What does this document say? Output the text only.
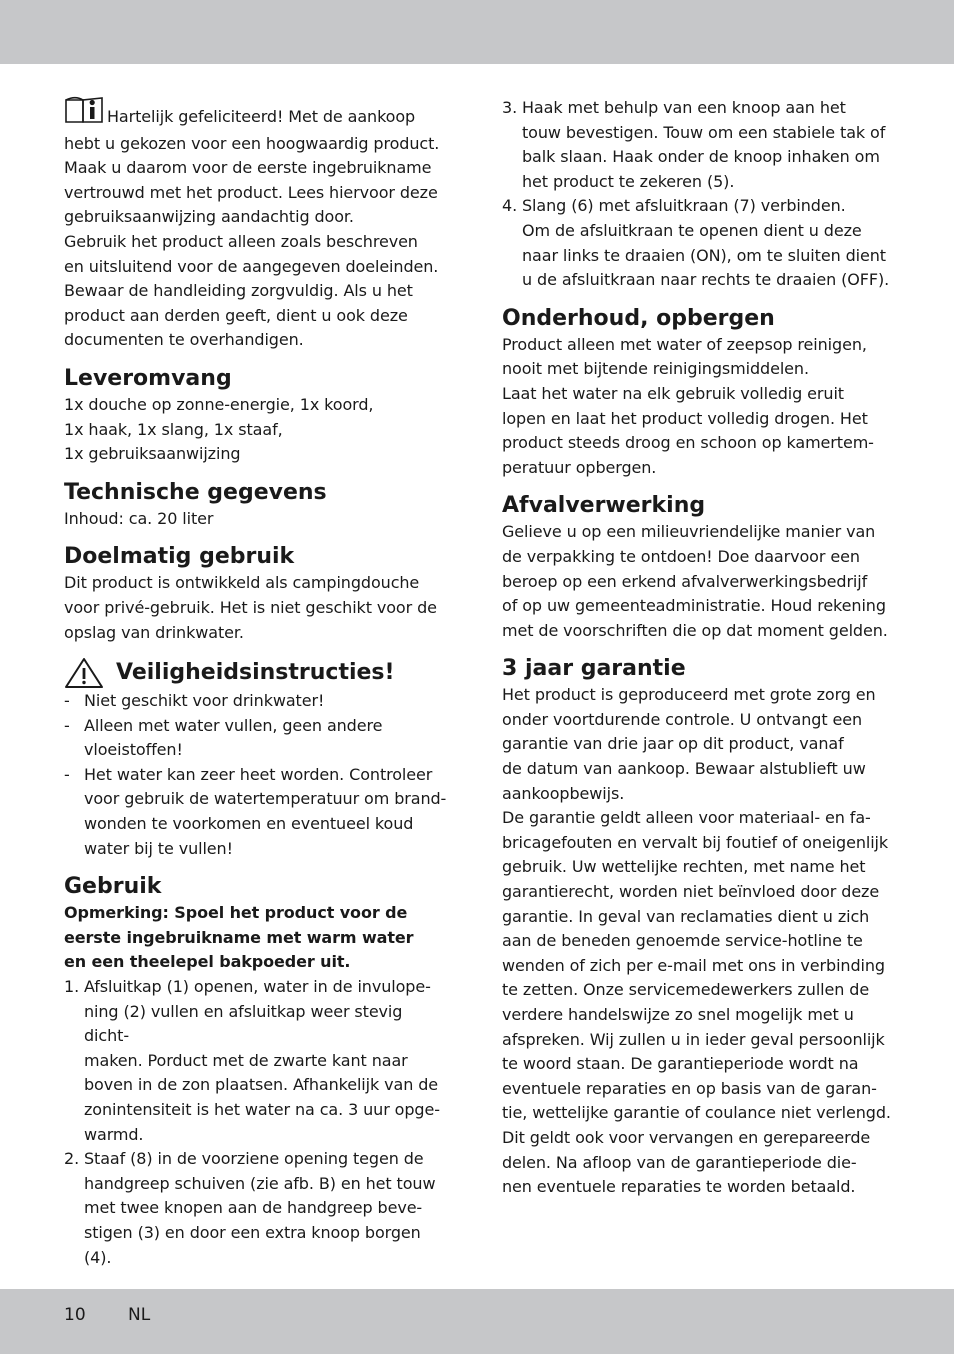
Hartelijk gefeliciteerd! Met de aankoop
hebt u gekozen voor een hoogwaardig product.
Maak u daarom voor de eerste ingebruikname
vertrouwd met het product. Lees hiervoor deze
gebruiksaanwijzing aandachtig door.
Gebruik het product alleen zoals beschreven
en uitsluitend voor de aangegeven doeleinden.
Bewaar de handleiding zorgvuldig. Als u het
product aan derden geeft, dient u ook deze
documenten te overhandigen.

Leveromvang

1x douche op zonne-energie, 1x koord,
1x haak, 1x slang, 1x staaf,
1x gebruiksaanwijzing

Technische gegevens

Inhoud: ca. 20 liter

Doelmatig gebruik

Dit product is ontwikkeld als campingdouche
voor privé-gebruik. Het is niet geschikt voor de
opslag van drinkwater.

Veiligheidsinstructies!
- Niet geschikt voor drinkwater!
- Alleen met water vullen, geen andere
vloeistoffen!
- Het water kan zeer heet worden. Controleer
voor gebruik de watertemperatuur om brand-
wonden te voorkomen en eventueel koud
water bij te vullen!
Gebruik

Opmerking: Spoel het product voor de
eerste ingebruikname met warm water
en een theelepel bakpoeder uit.

1. Afsluitkap (1) openen, water in de invulope-
ning (2) vullen en afsluitkap weer stevig dicht-
maken. Porduct met de zwarte kant naar
boven in de zon plaatsen. Afhankelijk van de
zonintensiteit is het water na ca. 3 uur opge-
warmd.
2. Staaf (8) in de voorziene opening tegen de
handgreep schuiven (zie afb. B) en het touw
met twee knopen aan de handgreep beve-
stigen (3) en door een extra knoop borgen
(4).
3. Haak met behulp van een knoop aan het
touw bevestigen. Touw om een stabiele tak of
balk slaan. Haak onder de knoop inhaken om
het product te zekeren (5).
4. Slang (6) met afsluitkraan (7) verbinden.
Om de afsluitkraan te openen dient u deze
naar links te draaien (ON), om te sluiten dient
u de afsluitkraan naar rechts te draaien (OFF).
Onderhoud, opbergen

Product alleen met water of zeepsop reinigen,
nooit met bijtende reinigingsmiddelen.
Laat het water na elk gebruik volledig eruit
lopen en laat het product volledig drogen. Het
product steeds droog en schoon op kamertem-
peratuur opbergen.

Afvalverwerking

Gelieve u op een milieuvriendelijke manier van
de verpakking te ontdoen! Doe daarvoor een
beroep op een erkend afvalverwerkingsbedrijf
of op uw gemeenteadministratie. Houd rekening
met de voorschriften die op dat moment gelden.

3 jaar garantie

Het product is geproduceerd met grote zorg en
onder voortdurende controle. U ontvangt een
garantie van drie jaar op dit product, vanaf
de datum van aankoop. Bewaar alstublieft uw
aankoopbewijs.
De garantie geldt alleen voor materiaal- en fa-
bricagefouten en vervalt bij foutief of oneigenlijk
gebruik. Uw wettelijke rechten, met name het
garantierecht, worden niet beïnvloed door deze
garantie. In geval van reclamaties dient u zich
aan de beneden genoemde service-hotline te
wenden of zich per e-mail met ons in verbinding
te zetten. Onze servicemedewerkers zullen de
verdere handelswijze zo snel mogelijk met u
afspreken. Wij zullen u in ieder geval persoonlijk
te woord staan. De garantieperiode wordt na
eventuele reparaties en op basis van de garan-
tie, wettelijke garantie of coulance niet verlengd.
Dit geldt ook voor vervangen en gerepareerde
delen. Na afloop van de garantieperiode die-
nen eventuele reparaties te worden betaald.

10 NL
